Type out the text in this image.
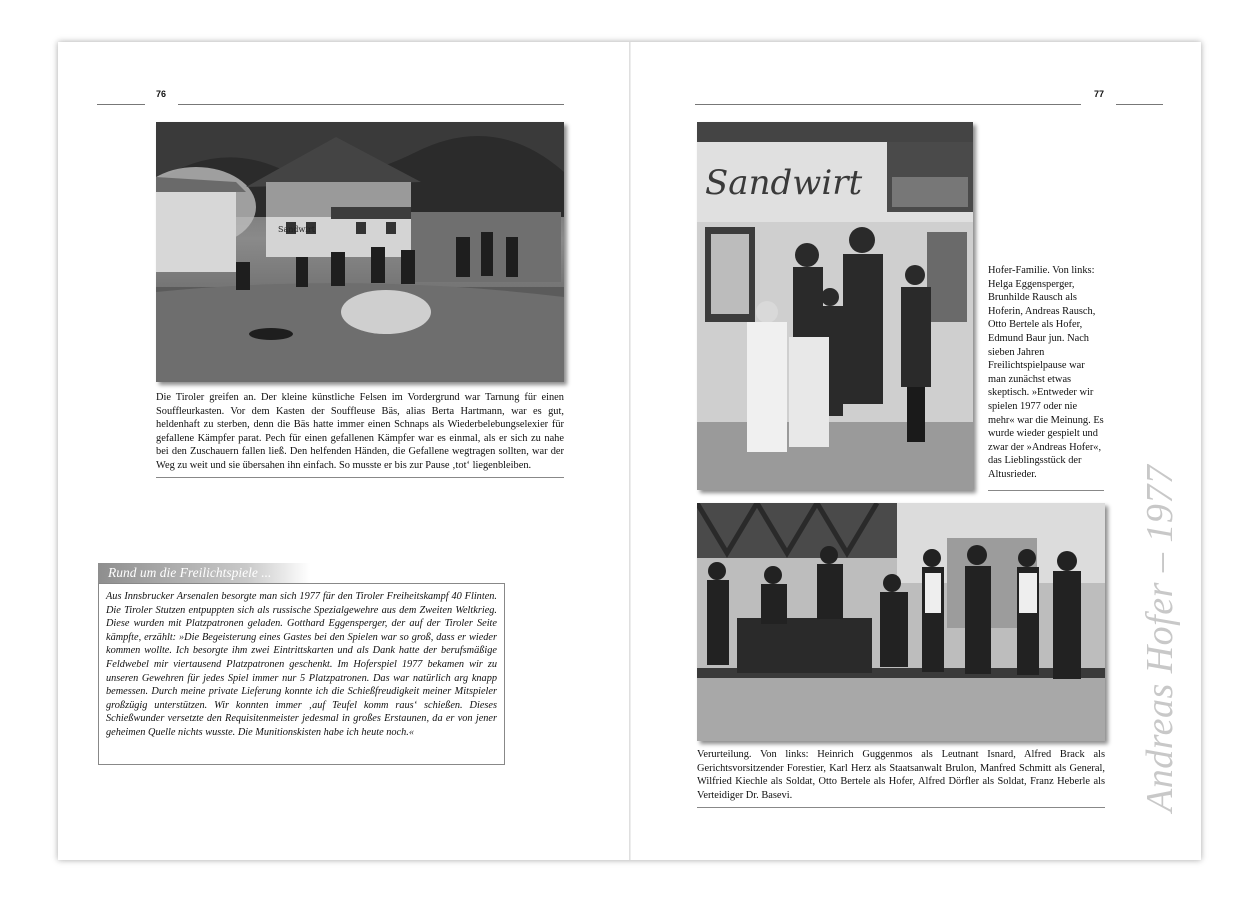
76
Sandwirt
Die Tiroler greifen an. Der kleine künstliche Felsen im Vordergrund war Tarnung für einen Souffleurkasten. Vor dem Kasten der Souffleuse Bäs, alias Berta Hartmann, war es gut, heldenhaft zu sterben, denn die Bäs hatte immer einen Schnaps als Wiederbelebungselexier für gefallene Kämpfer parat. Pech für einen gefallenen Kämpfer war es einmal, als er sich zu nahe bei den Zuschauern fallen ließ. Den helfenden Händen, die Gefallene wegtragen sollten, war der Weg zu weit und sie übersahen ihn einfach. So musste er bis zur Pause ‚tot‘ liegenbleiben.
Rund um die Freilichtspiele ...
Aus Innsbrucker Arsenalen besorgte man sich 1977 für den Tiroler Freiheitskampf 40 Flinten. Die Tiroler Stutzen entpuppten sich als russische Spezialgewehre aus dem Zweiten Weltkrieg. Diese wurden mit Platzpatronen geladen. Gotthard Eggensperger, der auf der Tiroler Seite kämpfte, erzählt: »Die Begeisterung eines Gastes bei den Spielen war so groß, dass er wieder kommen wollte. Ich besorgte ihm zwei Eintrittskarten und als Dank hatte der berufsmäßige Feldwebel mir viertausend Platzpatronen geschenkt. Im Hoferspiel 1977 bekamen wir zu unseren Gewehren für jedes Spiel immer nur 5 Platzpatronen. Das war natürlich arg knapp bemessen. Durch meine private Lieferung konnte ich die Schießfreudigkeit meiner Mitspieler großzügig unterstützen. Wir konnten immer ‚auf Teufel komm raus‘ schießen. Dieses Schießwunder versetzte den Requisitenmeister jedesmal in großes Erstaunen, da er von jener geheimen Quelle nichts wusste. Die Munitionskisten habe ich heute noch.«
77
Sandwirt
Hofer-Familie. Von links: Helga Eggensperger, Brunhilde Rausch als Hoferin, Andreas Rausch, Otto Bertele als Hofer, Edmund Baur jun. Nach sieben Jahren Freilichtspielpause war man zunächst etwas skeptisch. »Entweder wir spielen 1977 oder nie mehr« war die Meinung. Es wurde wieder gespielt und zwar der »Andreas Hofer«, das Lieblingsstück der Altusrieder.
Verurteilung. Von links: Heinrich Guggenmos als Leutnant Isnard, Alfred Brack als Gerichtsvorsitzender Forestier, Karl Herz als Staatsanwalt Brulon, Manfred Schmitt als General, Wilfried Kiechle als Soldat, Otto Bertele als Hofer, Alfred Dörfler als Soldat, Franz Heberle als Verteidiger Dr. Basevi.	Andreas Hofer – 1977
